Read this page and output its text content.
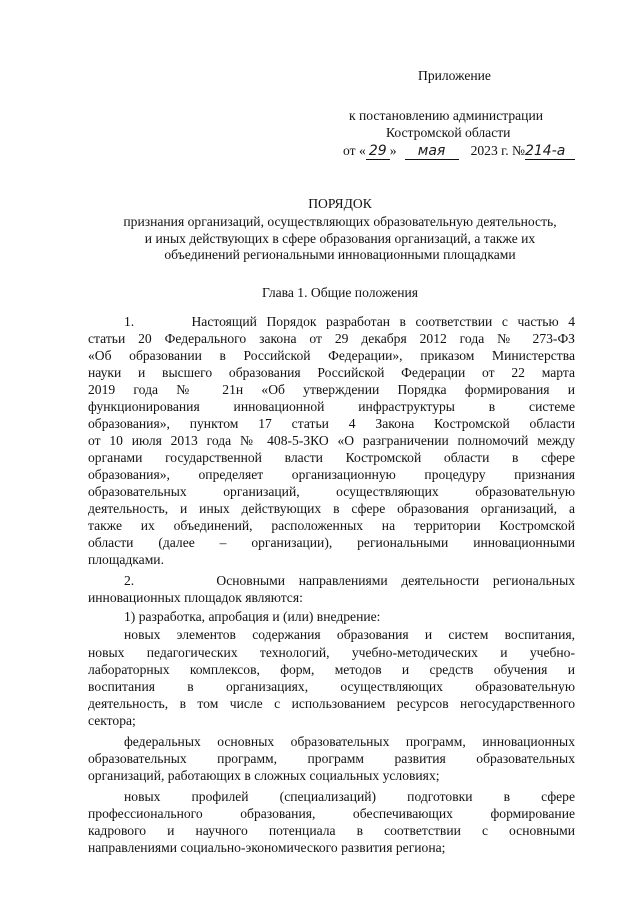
Приложение
к постановлению администрации
Костромской области
от « 29 »	мая	2023 г. № 214-а
ПОРЯДОК
признания организаций, осуществляющих образовательную деятельность,
и иных действующих в сфере образования организаций, а также их
объединений региональными инновационными площадками
Глава 1. Общие положения
1.      Настоящий Порядок разработан в соответствии с частью 4
статьи 20 Федерального закона от 29 декабря 2012 года № 273-ФЗ
«Об образовании в Российской Федерации», приказом Министерства
науки и высшего образования Российской Федерации от 22 марта
2019 года № 21н «Об утверждении Порядка формирования и
функционирования инновационной инфраструктуры в системе
образования», пунктом 17 статьи 4 Закона Костромской области
от 10 июля 2013 года № 408-5-ЗКО «О разграничении полномочий между
органами государственной власти Костромской области в сфере
образования», определяет организационную процедуру признания
образовательных организаций, осуществляющих образовательную
деятельность, и иных действующих в сфере образования организаций, а
также их объединений, расположенных на территории Костромской
области (далее – организации), региональными инновационными
площадками.
2.      Основными направлениями деятельности региональных
инновационных площадок являются:
1) разработка, апробация и (или) внедрение:
новых элементов содержания образования и систем воспитания,
новых педагогических технологий, учебно-методических и учебно-
лабораторных комплексов, форм, методов и средств обучения и
воспитания в организациях, осуществляющих образовательную
деятельность, в том числе с использованием ресурсов негосударственного
сектора;
федеральных основных образовательных программ, инновационных
образовательных программ, программ развития образовательных
организаций, работающих в сложных социальных условиях;
новых профилей (специализаций) подготовки в сфере
профессионального образования, обеспечивающих формирование
кадрового и научного потенциала в соответствии с основными
направлениями социально-экономического развития региона;
